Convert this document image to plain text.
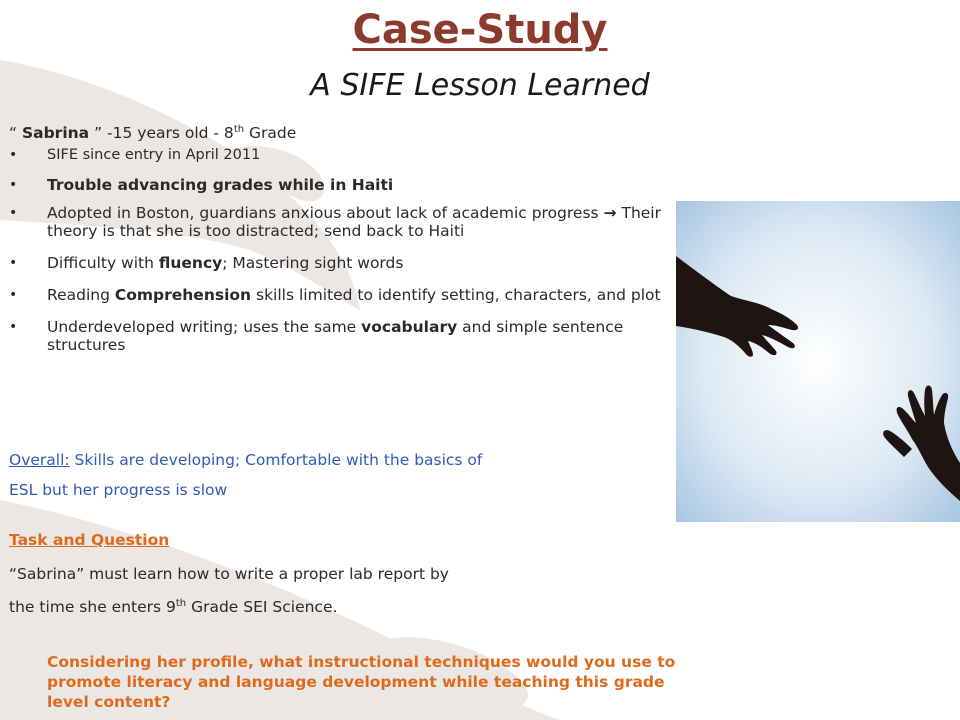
Case-Study
A SIFE Lesson Learned
“ Sabrina ” -15 years old - 8th Grade
•	SIFE since entry in April 2011
•	Trouble advancing grades while in Haiti
•	Adopted in Boston, guardians anxious about lack of academic progress → Their theory is that she is too distracted; send back to Haiti
•	Difficulty with fluency; Mastering sight words
•	Reading Comprehension skills limited to identify setting, characters, and plot
•	Underdeveloped writing; uses the same vocabulary and simple sentence structures
Overall: Skills are developing; Comfortable with the basics of
ESL but her progress is slow
Task and Question
“Sabrina” must learn how to write a proper lab report by
the time she enters 9th Grade SEI Science.
Considering her profile, what instructional techniques would you use to promote literacy and language development while teaching this grade level content?
